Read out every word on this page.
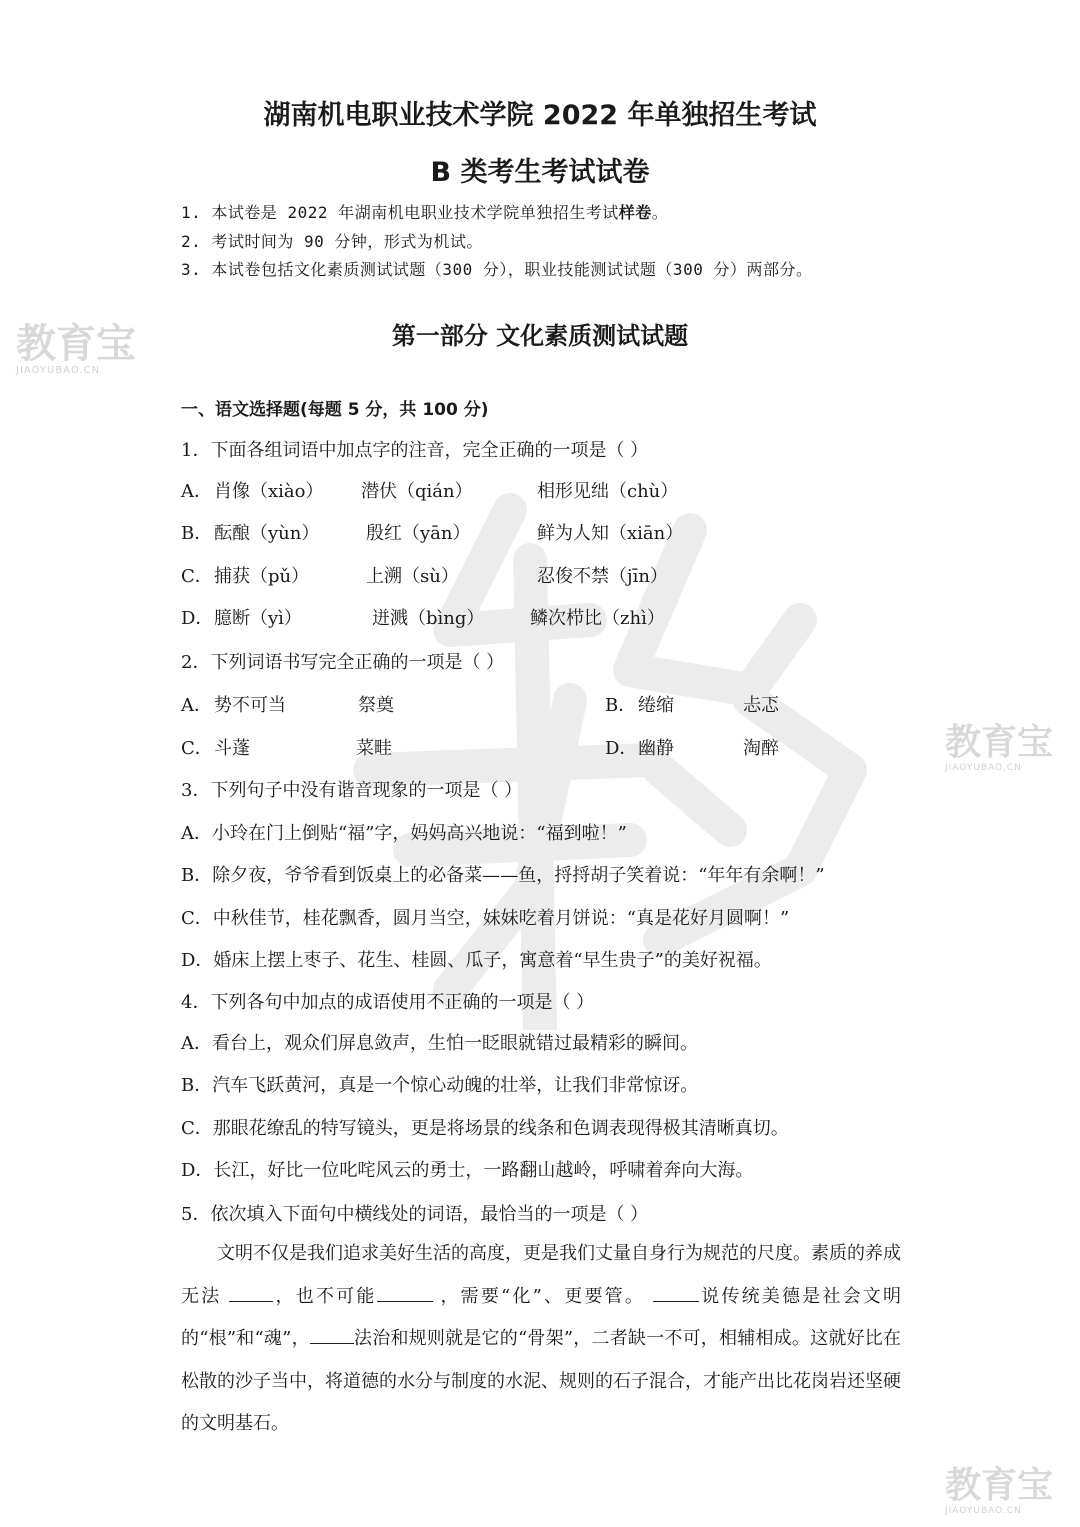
湖南机电职业技术学院 2022 年单独招生考试
B 类考生考试试卷
1. 本试卷是 2022 年湖南机电职业技术学院单独招生考试样卷。
2. 考试时间为 90 分钟，形式为机试。
3. 本试卷包括文化素质测试试题（300 分），职业技能测试试题（300 分）两部分。
第一部分 文化素质测试试题
一、语文选择题(每题 5 分，共 100 分)
1．下面各组词语中加点字的注音，完全正确的一项是（ ）
A． 肖像（xiào） 潜伏（qián）	相形见绌（chù）
B． 酝酿（yùn）	殷红（yān）	鲜为人知（xiān）
C． 捕获（pǔ）	上溯（sù）	忍俊不禁（jīn）
D． 臆断（yì）	迸溅（bìng）	鳞次栉比（zhì）
2．下列词语书写完全正确的一项是（ ）
A． 势不可当	祭奠	B． 绻缩	忐忑
C． 斗蓬	菜畦	D． 幽静	淘醉
3．下列句子中没有谐音现象的一项是（ ）
A．小玲在门上倒贴“福”字，妈妈高兴地说：“福到啦！”
B．除夕夜，爷爷看到饭桌上的必备菜——鱼，捋捋胡子笑着说：“年年有余啊！”
C．中秋佳节，桂花飘香，圆月当空，妹妹吃着月饼说：“真是花好月圆啊！”
D．婚床上摆上枣子、花生、桂圆、瓜子，寓意着“早生贵子”的美好祝福。
4．下列各句中加点的成语使用不正确的一项是（ ）
A．看台上，观众们屏息敛声，生怕一眨眼就错过最精彩的瞬间。
B．汽车飞跃黄河，真是一个惊心动魄的壮举，让我们非常惊讶。
C．那眼花缭乱的特写镜头，更是将场景的线条和色调表现得极其清晰真切。
D．长江，好比一位叱咤风云的勇士，一路翻山越岭，呼啸着奔向大海。
5．依次填入下面句中横线处的词语，最恰当的一项是（ ）
文明不仅是我们追求美好生活的高度，更是我们丈量自身行为规范的尺度。素质的养成无法	，也不可能	，需要“化”、更要管。	说传统美德是社会文明的“根”和“魂”， 法治和规则就是它的“骨架”，二者缺一不可，相辅相成。这就好比在松散的沙子当中，将道德的水分与制度的水泥、规则的石子混合，才能产出比花岗岩还坚硬的文明基石。
教育宝
JIAOYUBAO.CN
教育宝
JIAOYUBAO.CN
教育宝
JIAOYUBAO.CN
